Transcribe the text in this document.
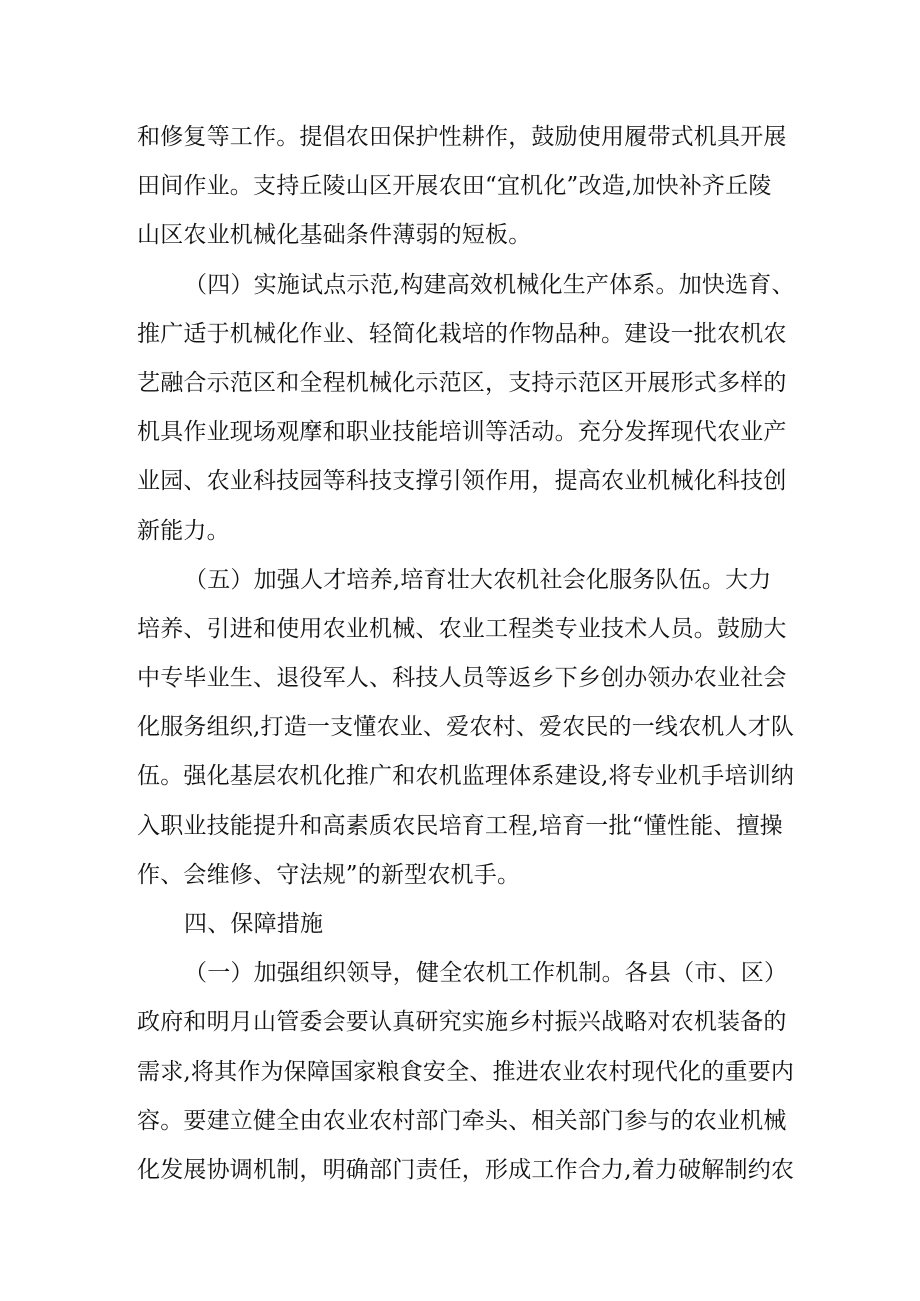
和修复等工作。提倡农田保护性耕作，鼓励使用履带式机具开展
田间作业。支持丘陵山区开展农田“宜机化”改造,加快补齐丘陵
山区农业机械化基础条件薄弱的短板。
（四）实施试点示范,构建高效机械化生产体系。加快选育、
推广适于机械化作业、轻简化栽培的作物品种。建设一批农机农
艺融合示范区和全程机械化示范区，支持示范区开展形式多样的
机具作业现场观摩和职业技能培训等活动。充分发挥现代农业产
业园、农业科技园等科技支撑引领作用，提高农业机械化科技创
新能力。
（五）加强人才培养,培育壮大农机社会化服务队伍。大力
培养、引进和使用农业机械、农业工程类专业技术人员。鼓励大
中专毕业生、退役军人、科技人员等返乡下乡创办领办农业社会
化服务组织,打造一支懂农业、爱农村、爱农民的一线农机人才队
伍。强化基层农机化推广和农机监理体系建设,将专业机手培训纳
入职业技能提升和高素质农民培育工程,培育一批“懂性能、擅操
作、会维修、守法规”的新型农机手。
四、保障措施
（一）加强组织领导，健全农机工作机制。各县（市、区）
政府和明月山管委会要认真研究实施乡村振兴战略对农机装备的
需求,将其作为保障国家粮食安全、推进农业农村现代化的重要内
容。要建立健全由农业农村部门牵头、相关部门参与的农业机械
化发展协调机制，明确部门责任，形成工作合力,着力破解制约农
